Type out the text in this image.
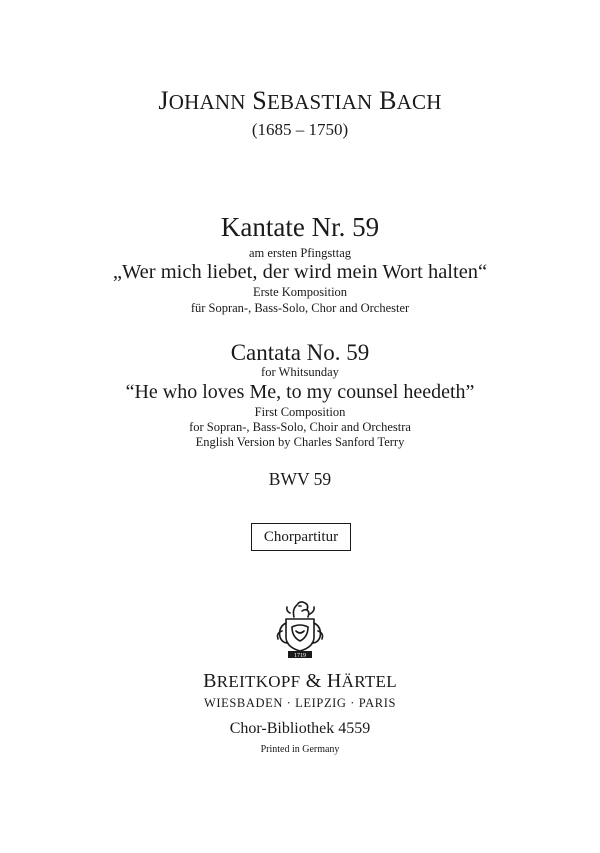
JOHANN SEBASTIAN BACH
(1685 – 1750)
Kantate Nr. 59
am ersten Pfingsttag
„Wer mich liebet, der wird mein Wort halten“
Erste Komposition
für Sopran-, Bass-Solo, Chor and Orchester
Cantata No. 59
for Whitsunday
“He who loves Me, to my counsel heedeth”
First Composition
for Sopran-, Bass-Solo, Choir and Orchestra
English Version by Charles Sanford Terry
BWV 59
Chorpartitur
1719
BREITKOPF & HÄRTEL
WIESBADEN · LEIPZIG · PARIS
Chor-Bibliothek 4559
Printed in Germany
